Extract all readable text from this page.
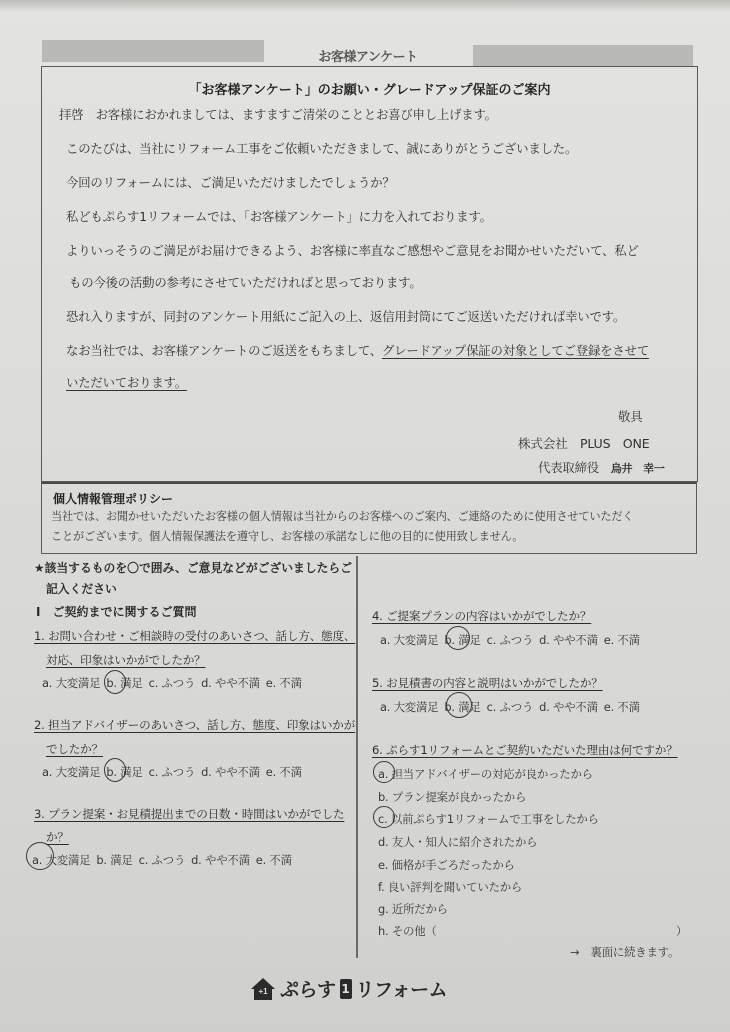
お客様アンケート
「お客様アンケート」のお願い・グレードアップ保証のご案内
拝啓　お客様におかれましては、ますますご清栄のこととお喜び申し上げます。
このたびは、当社にリフォーム工事をご依頼いただきまして、誠にありがとうございました。
今回のリフォームには、ご満足いただけましたでしょうか？
私どもぷらす1リフォームでは、「お客様アンケート」に力を入れております。
よりいっそうのご満足がお届けできるよう、お客様に率直なご感想やご意見をお聞かせいただいて、私ど
もの今後の活動の参考にさせていただければと思っております。
恐れ入りますが、同封のアンケート用紙にご記入の上、返信用封筒にてご返送いただければ幸いです。
なお当社では、お客様アンケートのご返送をもちまして、グレードアップ保証の対象としてご登録をさせて
いただいております。
敬具
株式会社　PLUS　ONE
代表取締役 烏井　幸一
個人情報管理ポリシー
当社では、お聞かせいただいたお客様の個人情報は当社からのお客様へのご案内、ご連絡のために使用させていただく
ことがございます。個人情報保護法を遵守し、お客様の承諾なしに他の目的に使用致しません。
★該当するものを〇で囲み、ご意見などがございましたらご
記入ください
Ⅰ　ご契約までに関するご質問
1. お問い合わせ・ご相談時の受付のあいさつ、話し方、態度、
対応、印象はいかがでしたか？
a. 大変満足 b. 満足 c. ふつう d. やや不満 e. 不満
2. 担当アドバイザーのあいさつ、話し方、態度、印象はいかが
でしたか？
a. 大変満足 b. 満足 c. ふつう d. やや不満 e. 不満
3. プラン提案・お見積提出までの日数・時間はいかがでした
か？
a. 大変満足 b. 満足 c. ふつう d. やや不満 e. 不満
4. ご提案プランの内容はいかがでしたか？
a. 大変満足 b. 満足 c. ふつう d. やや不満 e. 不満
5. お見積書の内容と説明はいかがでしたか？
a. 大変満足 b. 満足 c. ふつう d. やや不満 e. 不満
6. ぷらす1リフォームとご契約いただいた理由は何ですか？
a. 担当アドバイザーの対応が良かったから
b. プラン提案が良かったから
c. 以前ぷらす1リフォームで工事をしたから
d. 友人・知人に紹介されたから
e. 価格が手ごろだったから
f. 良い評判を聞いていたから
g. 近所だから
h. その他（	）
→　裏面に続きます。
+1 ぷらす 1 リフォーム
